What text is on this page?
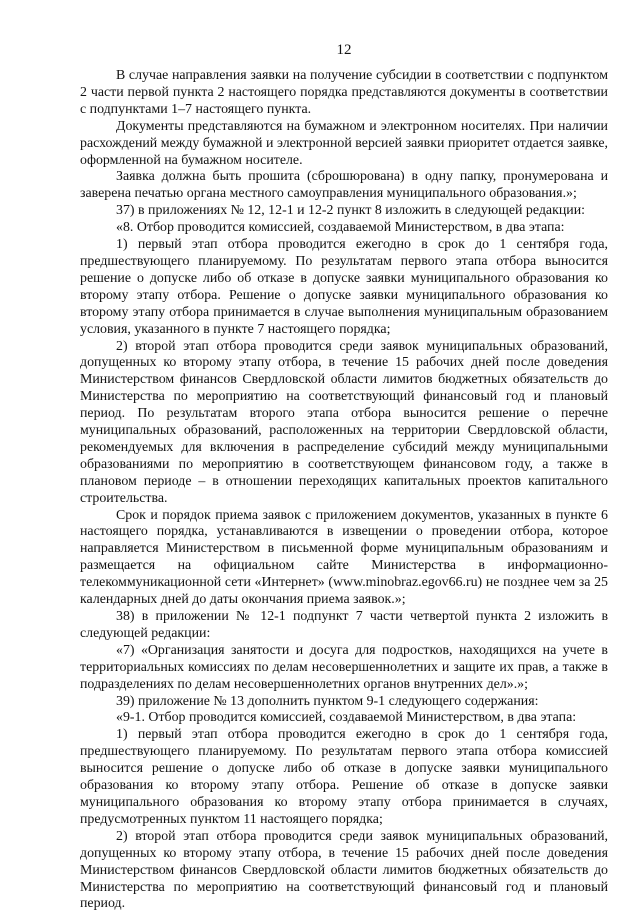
12

В случае направления заявки на получение субсидии в соответствии с подпунктом 2 части первой пункта 2 настоящего порядка представляются документы в соответствии с подпунктами 1–7 настоящего пункта.

Документы представляются на бумажном и электронном носителях. При наличии расхождений между бумажной и электронной версией заявки приоритет отдается заявке, оформленной на бумажном носителе.

Заявка должна быть прошита (сброшюрована) в одну папку, пронумерована и заверена печатью органа местного самоуправления муниципального образования.»;

37) в приложениях № 12, 12-1 и 12-2 пункт 8 изложить в следующей редакции:

«8. Отбор проводится комиссией, создаваемой Министерством, в два этапа:

1) первый этап отбора проводится ежегодно в срок до 1 сентября года, предшествующего планируемому. По результатам первого этапа отбора выносится решение о допуске либо об отказе в допуске заявки муниципального образования ко второму этапу отбора. Решение о допуске заявки муниципального образования ко второму этапу отбора принимается в случае выполнения муниципальным образованием условия, указанного в пункте 7 настоящего порядка;

2) второй этап отбора проводится среди заявок муниципальных образований, допущенных ко второму этапу отбора, в течение 15 рабочих дней после доведения Министерством финансов Свердловской области лимитов бюджетных обязательств до Министерства по мероприятию на соответствующий финансовый год и плановый период. По результатам второго этапа отбора выносится решение о перечне муниципальных образований, расположенных на территории Свердловской области, рекомендуемых для включения в распределение субсидий между муниципальными образованиями по мероприятию в соответствующем финансовом году, а также в плановом периоде – в отношении переходящих капитальных проектов капитального строительства.

Срок и порядок приема заявок с приложением документов, указанных в пункте 6 настоящего порядка, устанавливаются в извещении о проведении отбора, которое направляется Министерством в письменной форме муниципальным образованиям и размещается на официальном сайте Министерства в информационно-телекоммуникационной сети «Интернет» (www.minobraz.egov66.ru) не позднее чем за 25 календарных дней до даты окончания приема заявок.»;

38) в приложении № 12-1 подпункт 7 части четвертой пункта 2 изложить в следующей редакции:

«7) «Организация занятости и досуга для подростков, находящихся на учете в территориальных комиссиях по делам несовершеннолетних и защите их прав, а также в подразделениях по делам несовершеннолетних органов внутренних дел».»;

39) приложение № 13 дополнить пунктом 9-1 следующего содержания:

«9-1. Отбор проводится комиссией, создаваемой Министерством, в два этапа:

1) первый этап отбора проводится ежегодно в срок до 1 сентября года, предшествующего планируемому. По результатам первого этапа отбора комиссией выносится решение о допуске либо об отказе в допуске заявки муниципального образования ко второму этапу отбора. Решение об отказе в допуске заявки муниципального образования ко второму этапу отбора принимается в случаях, предусмотренных пунктом 11 настоящего порядка;

2) второй этап отбора проводится среди заявок муниципальных образований, допущенных ко второму этапу отбора, в течение 15 рабочих дней после доведения Министерством финансов Свердловской области лимитов бюджетных обязательств до Министерства по мероприятию на соответствующий финансовый год и плановый период.
